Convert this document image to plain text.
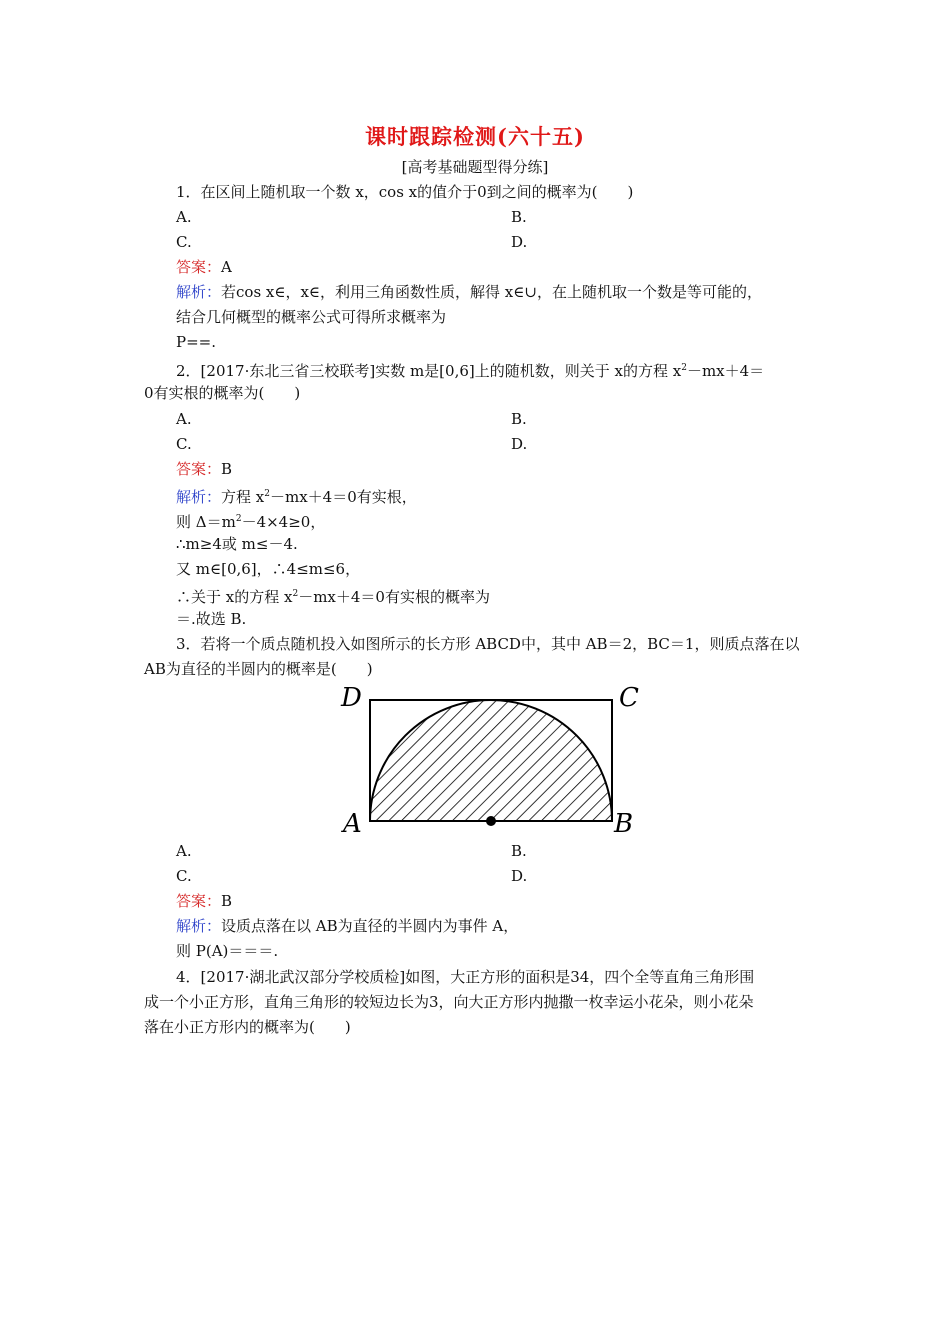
课时跟踪检测(六十五)
[高考基础题型得分练]
1．在区间上随机取一个数 x，cos x的值介于0到之间的概率为(　　)
A.	B.
C.	D.
答案：A
解析：若cos x∈，x∈，利用三角函数性质，解得 x∈∪，在上随机取一个数是等可能的，
结合几何概型的概率公式可得所求概率为
P==.
2．[2017·东北三省三校联考]实数 m是[0,6]上的随机数，则关于 x的方程 $x^2-mx+4=$
0有实根的概率为(　　)
A.	B.
C.	D.
答案：B
解析：方程 $x^2-mx+4=0$有实根，
则 $\Delta=m^2-4\times 4\ge 0$，
∴m≥4或 m≤－4.
又 m∈[0,6]，∴4≤m≤6，
∴关于 x的方程 $x^2-mx+4=0$有实根的概率为
＝.故选 B.
3．若将一个质点随机投入如图所示的长方形 ABCD中，其中 AB＝2，BC＝1，则质点落在以
AB为直径的半圆内的概率是(　　)
D	C
A	B
A.	B.
C.	D.
答案：B
解析：设质点落在以 AB为直径的半圆内为事件 A，
则 P(A)＝＝＝.
4．[2017·湖北武汉部分学校质检]如图，大正方形的面积是34，四个全等直角三角形围
成一个小正方形，直角三角形的较短边长为3，向大正方形内抛撒一枚幸运小花朵，则小花朵
落在小正方形内的概率为(　　)
